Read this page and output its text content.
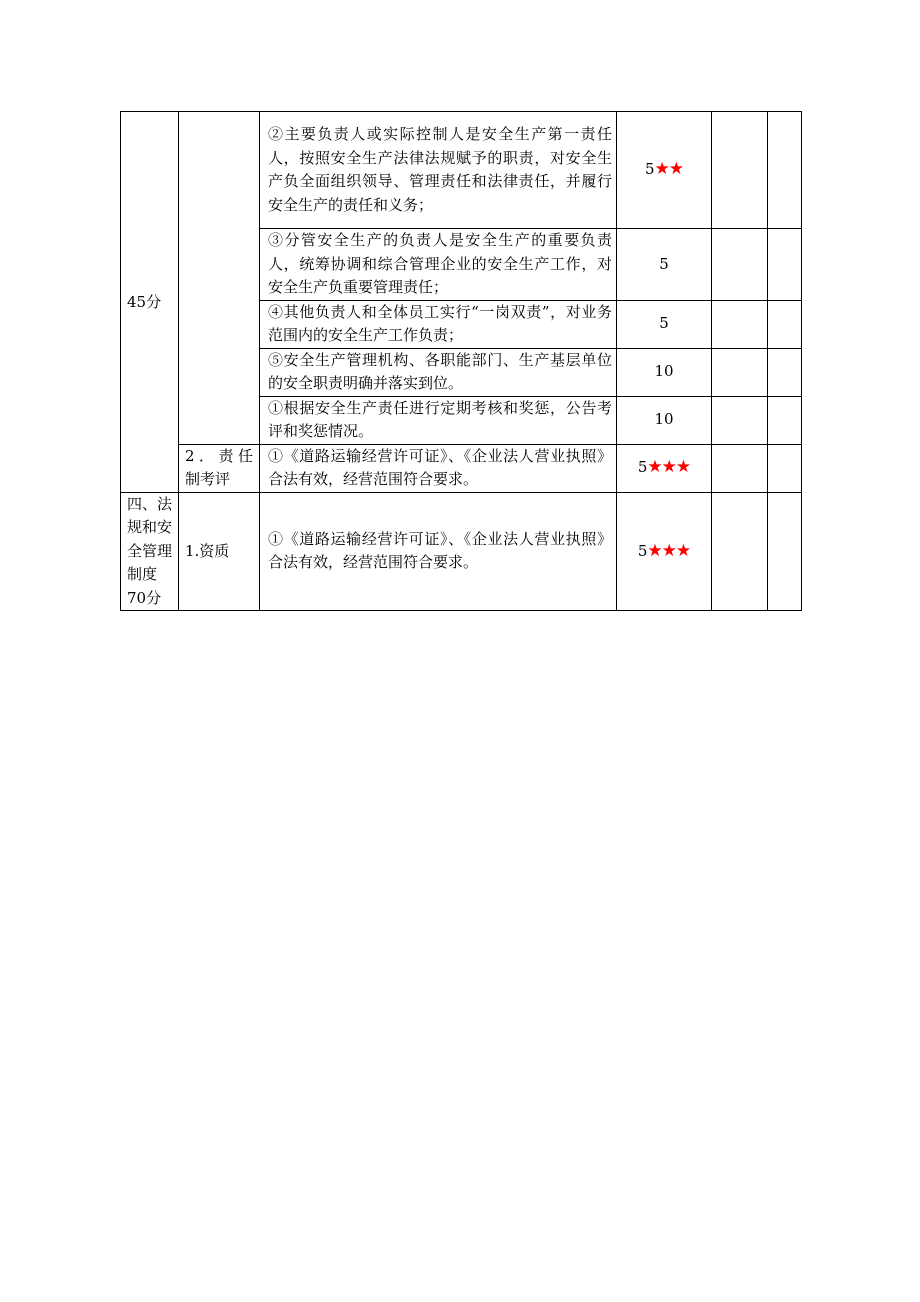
45分		②主要负责人或实际控制人是安全生产第一责任人，按照安全生产法律法规赋予的职责，对安全生产负全面组织领导、管理责任和法律责任，并履行安全生产的责任和义务；	5★★		
		③分管安全生产的负责人是安全生产的重要负责人，统筹协调和综合管理企业的安全生产工作，对安全生产负重要管理责任；	5		
		④其他负责人和全体员工实行“一岗双责”，对业务范围内的安全生产工作负责；	5		
		⑤安全生产管理机构、各职能部门、生产基层单位的安全职责明确并落实到位。	10		
		①根据安全生产责任进行定期考核和奖惩，公告考评和奖惩情况。	10		
	2．责任制考评	①《道路运输经营许可证》、《企业法人营业执照》合法有效，经营范围符合要求。	5★★★		
四、法规和安全管理制度70分	1.资质	①《道路运输经营许可证》、《企业法人营业执照》合法有效，经营范围符合要求。	5★★★		
